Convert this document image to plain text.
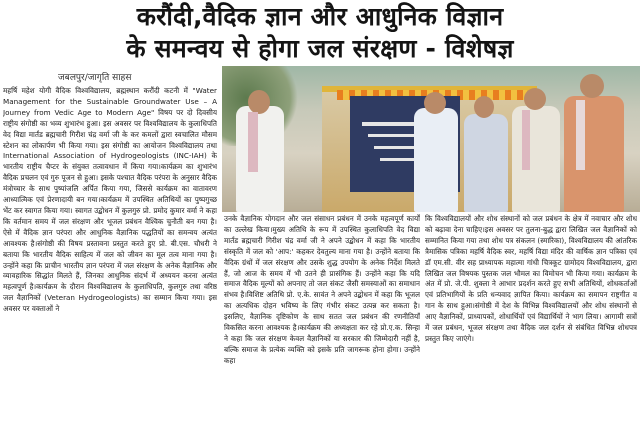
करौंदी,वैदिक ज्ञान और आधुनिक विज्ञान
के समन्वय से होगा जल संरक्षण - विशेषज्ञ
जबलपुर/जागृति साहस

महर्षि महेश योगी वैदिक विश्वविद्यालय, ब्रह्मस्थान करौंदी कटनी में "Water Management for the Sustainable Groundwater Use – A Journey from Vedic Age to Modern Age" विषय पर दो दिवसीय राष्ट्रीय संगोष्ठी का भव्य शुभारंभ हुआ। इस अवसर पर विश्वविद्यालय के कुलाधिपति वेद विद्या मार्तंड ब्रह्मचारी गिरीश चंद्र वर्मा जी के कर कमलों द्वारा स्वचालित मौसम स्टेशन का लोकार्पण भी किया गया। इस संगोष्ठी का आयोजन विश्वविद्यालय तथा International Association of Hydrogeologists (INC-IAH) के भारतीय राष्ट्रीय चैप्टर के संयुक्त तत्वावधान में किया गया।कार्यक्रम का शुभारंभ वैदिक प्रचलन एवं गुरु पूजन से हुआ। इसके पश्चात वैदिक परंपरा के अनुसार वैदिक मंत्रोच्चार के साथ पुष्पांजलि अर्पित किया गया, जिससे कार्यक्रम का वातावरण आध्यात्मिक एवं प्रेरणादायी बन गया।कार्यक्रम में उपस्थित अतिथियों का पुष्पगुच्छ भेंट कर स्वागत किया गया। स्वागत उद्बोधन में कुलगुरु प्रो. प्रमोद कुमार वर्मा ने कहा कि वर्तमान समय में जल संरक्षण और भूजल प्रबंधन वैश्विक चुनौती बन गया है। ऐसे में वैदिक ज्ञान परंपरा और आधुनिक वैज्ञानिक पद्धतियों का समन्वय अत्यंत आवश्यक है।संगोष्ठी की विषय प्रस्तावना प्रस्तुत करते हुए प्रो. बी.एस. चौधरी ने बताया कि भारतीय वैदिक साहित्य में जल को जीवन का मूल तत्व माना गया है। उन्होंने कहा कि प्राचीन भारतीय ज्ञान परंपरा में जल संरक्षण के अनेक वैज्ञानिक और व्यावहारिक सिद्धांत मिलते हैं, जिनका आधुनिक संदर्भ में अध्ययन करना अत्यंत महत्वपूर्ण है।कार्यक्रम के दौरान विश्वविद्यालय के कुलाधिपति, कुलगुरु तथा वरिष्ठ जल वैज्ञानिकों (Veteran Hydrogeologists) का सम्मान किया गया। इस अवसर पर वक्ताओं ने

उनके वैज्ञानिक योगदान और जल संसाधन प्रबंधन में उनके महत्वपूर्ण कार्यों का उल्लेख किया।मुख्य अतिथि के रूप में उपस्थित कुलाधिपति वेद विद्या मार्तंड ब्रह्मचारी गिरीश चंद्र वर्मा जी ने अपने उद्बोधन में कहा कि भारतीय संस्कृति में जल को 'आप:' कहकर देवतुल्य माना गया है। उन्होंने बताया कि वैदिक ग्रंथों में जल संरक्षण और उसके शुद्ध उपयोग के अनेक निर्देश मिलते हैं, जो आज के समय में भी उतने ही प्रासंगिक हैं। उन्होंने कहा कि यदि समाज वैदिक मूल्यों को अपनाए तो जल संकट जैसी समस्याओं का समाधान संभव है।विशिष्ट अतिथि प्रो. ए.के. सावंत ने अपने उद्बोधन में कहा कि भूजल का अत्यधिक दोहन भविष्य के लिए गंभीर संकट उत्पन्न कर सकता है। इसलिए, वैज्ञानिक दृष्टिकोण के साथ सतत जल प्रबंधन की रणनीतियाँ विकसित करना आवश्यक है।कार्यक्रम की अध्यक्षता कर रहे प्रो.ए.क. सिन्हा ने कहा कि जल संरक्षण केवल वैज्ञानिकों या सरकार की जिम्मेदारी नहीं है, बल्कि समाज के प्रत्येक व्यक्ति को इसके प्रति जागरूक होना होगा। उन्होंने कहा

कि विश्वविद्यालयों और शोध संस्थानों को जल प्रबंधन के क्षेत्र में नवाचार और शोध को बढ़ावा देना चाहिए।इस अवसर पर तुलना-बुद्ध द्वारा लिखित जल वैज्ञानिकों को सम्मानित किया गया तथा शोध पत्र संकलन (स्मारिका), विश्वविद्यालय की आंतरिक त्रैमासिक पत्रिका महर्षि वैदिक स्वर, महर्षि विद्या मंदिर की वार्षिक ज्ञान पत्रिका एवं डॉ एम.सी. वीर सह प्राध्यापक महात्मा गांधी चित्रकूट ग्रामोदय विश्वविद्यालय, द्वारा लिखित जल विषयक पुस्तक जल भौमल का विमोचन भी किया गया। कार्यक्रम के अंत में प्रो. जे.पी. शुक्ला ने आभार प्रदर्शन करते हुए सभी अतिथियों, शोधकर्ताओं एवं प्रतिभागियों के प्रति धन्यवाद ज्ञापित किया। कार्यक्रम का समापन राष्ट्रगीत व गान के साथ हुआ।संगोष्ठी में देश के विभिन्न विश्वविद्यालयों और शोध संस्थानों से आए वैज्ञानिकों, प्राध्यापकों, शोधार्थियों एवं विद्यार्थियों ने भाग लिया। आगामी सत्रों में जल प्रबंधन, भूजल संरक्षण तथा वैदिक जल दर्शन से संबंधित विभिन्न शोधपत्र प्रस्तुत किए जाएंगे।
